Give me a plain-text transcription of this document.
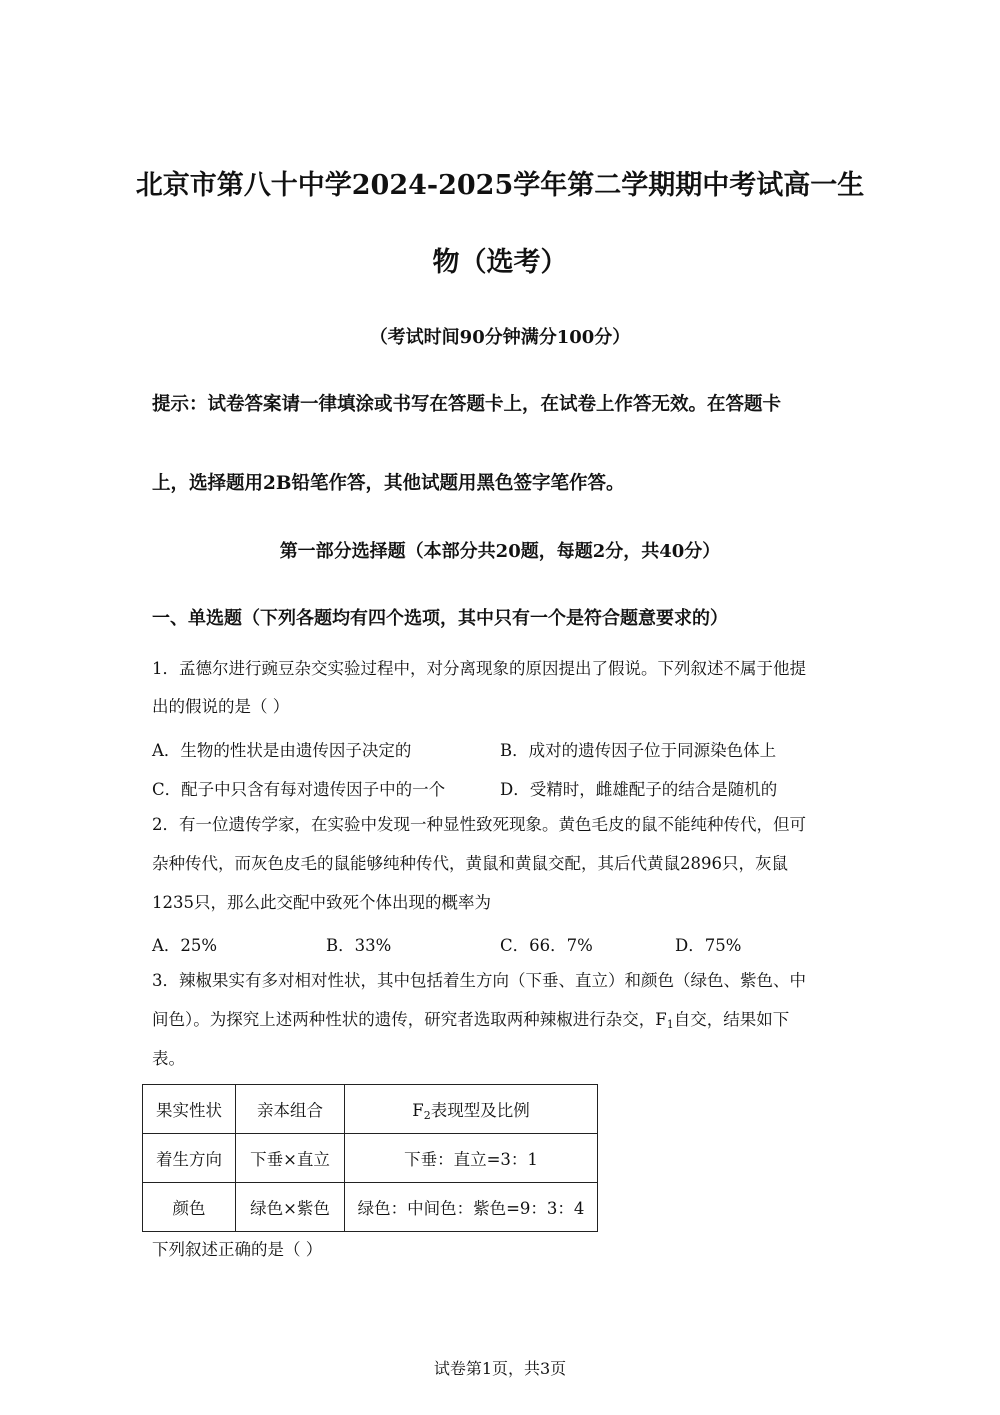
北京市第八十中学2024-2025学年第二学期期中考试高一生
物（选考）
（考试时间90分钟满分100分）
提示：试卷答案请一律填涂或书写在答题卡上，在试卷上作答无效。在答题卡
上，选择题用2B铅笔作答，其他试题用黑色签字笔作答。
第一部分选择题（本部分共20题，每题2分，共40分）
一、单选题（下列各题均有四个选项，其中只有一个是符合题意要求的）
1．孟德尔进行豌豆杂交实验过程中，对分离现象的原因提出了假说。下列叙述不属于他提
出的假说的是（ ）
A．生物的性状是由遗传因子决定的	B．成对的遗传因子位于同源染色体上
C．配子中只含有每对遗传因子中的一个	D．受精时，雌雄配子的结合是随机的
2．有一位遗传学家，在实验中发现一种显性致死现象。黄色毛皮的鼠不能纯种传代，但可
杂种传代，而灰色皮毛的鼠能够纯种传代，黄鼠和黄鼠交配，其后代黄鼠2896只，灰鼠
1235只，那么此交配中致死个体出现的概率为
A．25%	B．33%	C．66．7%	D．75%
3．辣椒果实有多对相对性状，其中包括着生方向（下垂、直立）和颜色（绿色、紫色、中
间色）。为探究上述两种性状的遗传，研究者选取两种辣椒进行杂交，F1自交，结果如下
表。
果实性状	亲本组合	F2表现型及比例
着生方向	下垂×直立	下垂：直立=3：1
颜色	绿色×紫色	绿色：中间色：紫色=9：3：4
下列叙述正确的是（ ）
试卷第1页，共3页
